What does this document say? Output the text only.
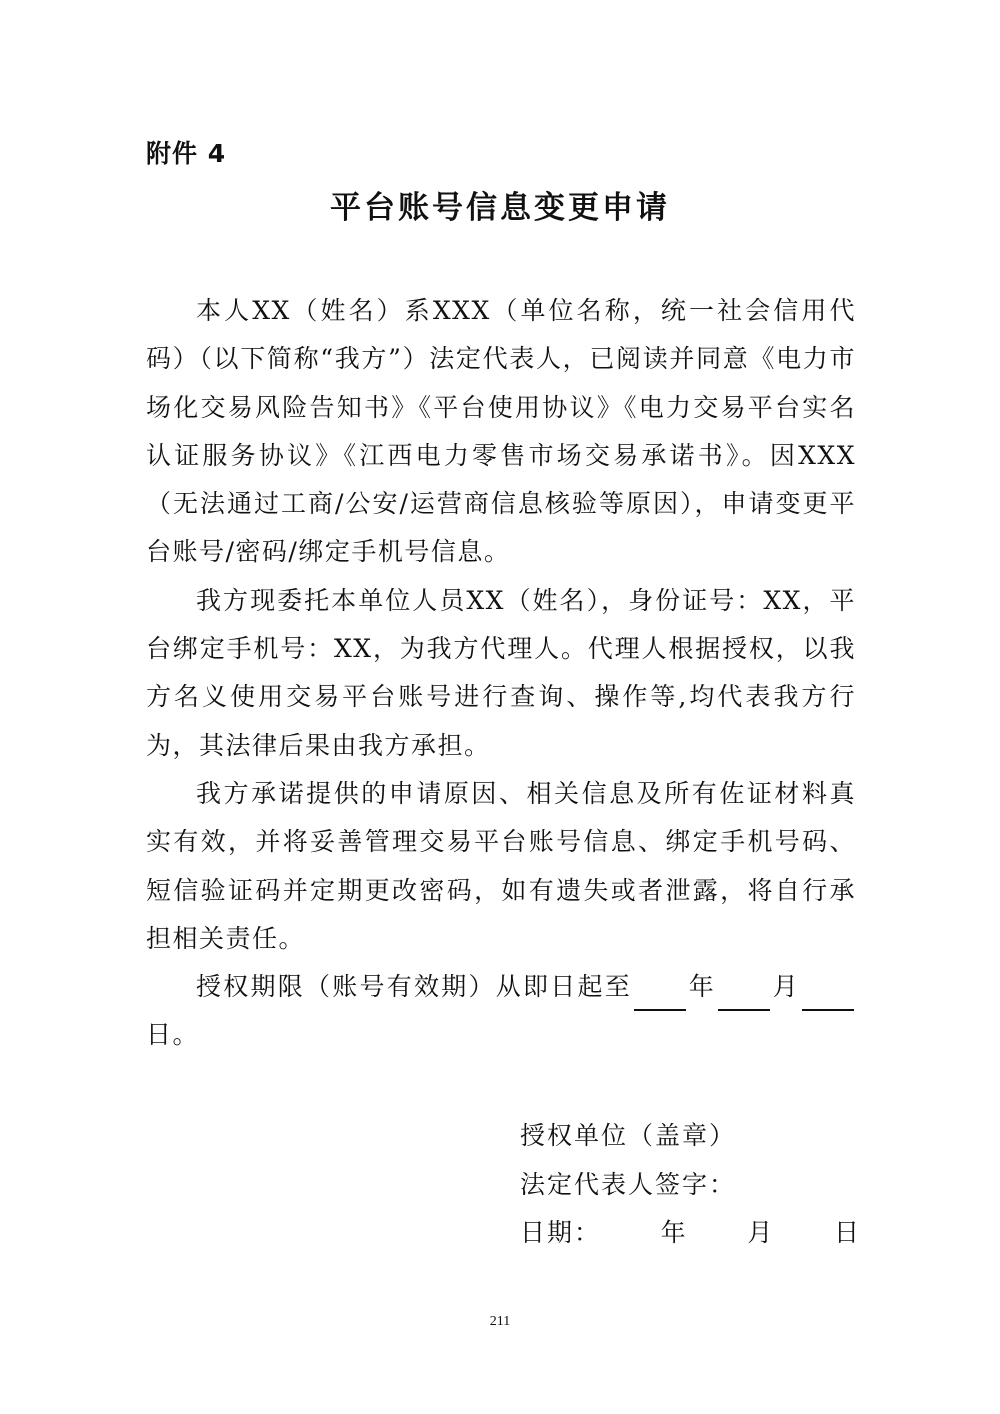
附件 4
平台账号信息变更申请

本人XX（姓名）系XXX（单位名称，统一社会信用代码）（以下简称“我方”）法定代表人，已阅读并同意《电力市场化交易风险告知书》《平台使用协议》《电力交易平台实名认证服务协议》《江西电力零售市场交易承诺书》。因XXX（无法通过工商/公安/运营商信息核验等原因），申请变更平台账号/密码/绑定手机号信息。

我方现委托本单位人员XX（姓名），身份证号：XX，平台绑定手机号：XX，为我方代理人。代理人根据授权，以我方名义使用交易平台账号进行查询、操作等,均代表我方行为，其法律后果由我方承担。

我方承诺提供的申请原因、相关信息及所有佐证材料真实有效，并将妥善管理交易平台账号信息、绑定手机号码、短信验证码并定期更改密码，如有遗失或者泄露，将自行承担相关责任。

授权期限（账号有效期）从即日起至 年 月日。

授权单位（盖章）
法定代表人签字：
日期：      年      月      日
211
